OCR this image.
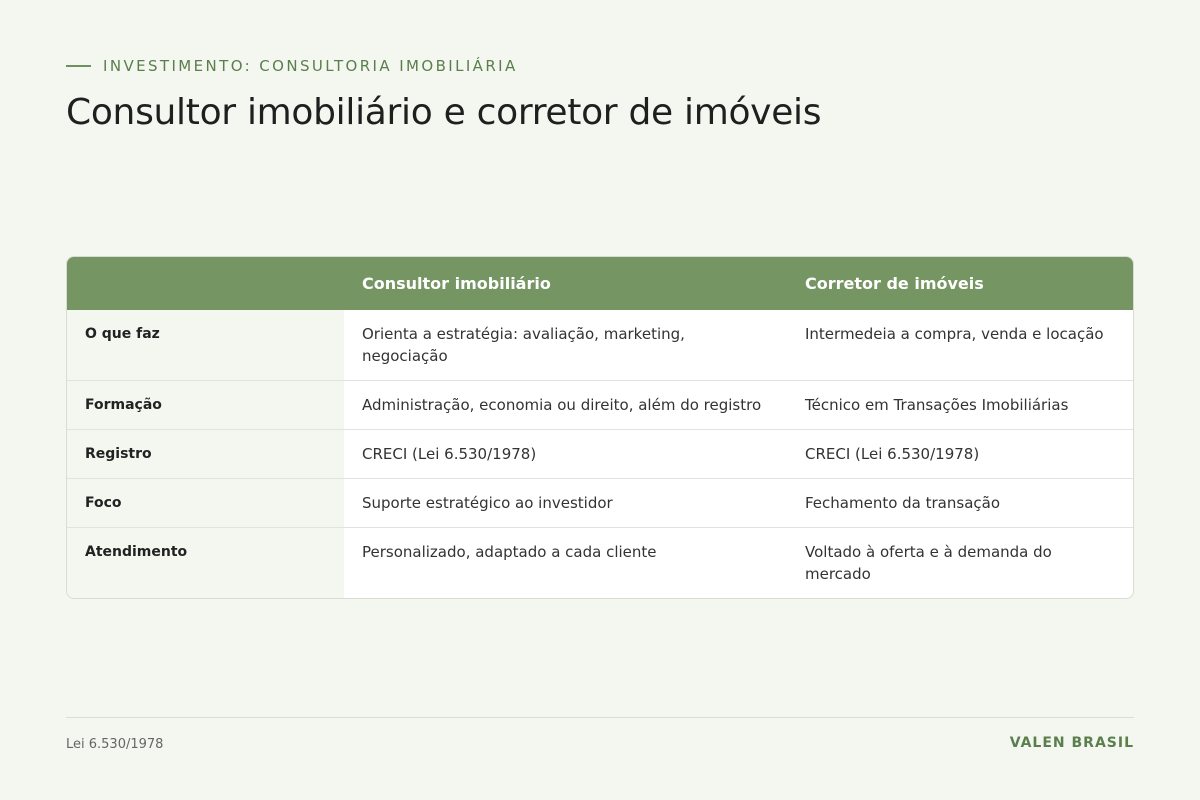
INVESTIMENTO: CONSULTORIA IMOBILIÁRIA
Consultor imobiliário e corretor de imóveis
	Consultor imobiliário	Corretor de imóveis
O que faz	Orienta a estratégia: avaliação, marketing, negociação	Intermedeia a compra, venda e locação
Formação	Administração, economia ou direito, além do registro	Técnico em Transações Imobiliárias
Registro	CRECI (Lei 6.530/1978)	CRECI (Lei 6.530/1978)
Foco	Suporte estratégico ao investidor	Fechamento da transação
Atendimento	Personalizado, adaptado a cada cliente	Voltado à oferta e à demanda do mercado
Lei 6.530/1978	VALEN BRASIL
